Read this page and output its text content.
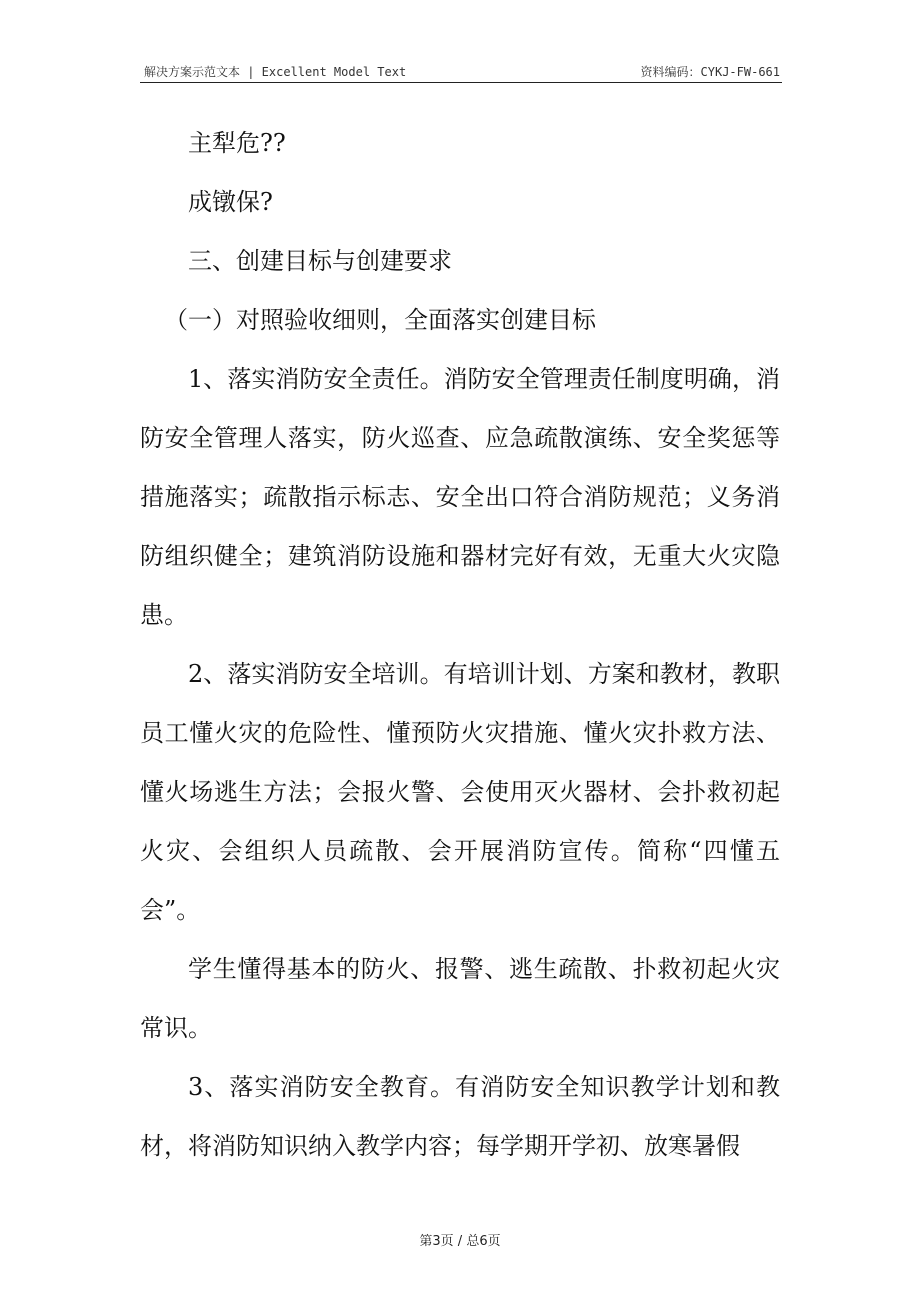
解决方案示范文本 | Excellent Model Text	资料编码：CYKJ-FW-661

主犁危??

成镦保?

三、创建目标与创建要求

（一）对照验收细则，全面落实创建目标

1、落实消防安全责任。消防安全管理责任制度明确，消防安全管理人落实，防火巡查、应急疏散演练、安全奖惩等措施落实；疏散指示标志、安全出口符合消防规范；义务消防组织健全；建筑消防设施和器材完好有效，无重大火灾隐患。

2、落实消防安全培训。有培训计划、方案和教材，教职员工懂火灾的危险性、懂预防火灾措施、懂火灾扑救方法、懂火场逃生方法；会报火警、会使用灭火器材、会扑救初起火灾、会组织人员疏散、会开展消防宣传。简称“四懂五会”。

学生懂得基本的防火、报警、逃生疏散、扑救初起火灾常识。

3、落实消防安全教育。有消防安全知识教学计划和教材，将消防知识纳入教学内容；每学期开学初、放寒暑假

第3页 / 总6页
